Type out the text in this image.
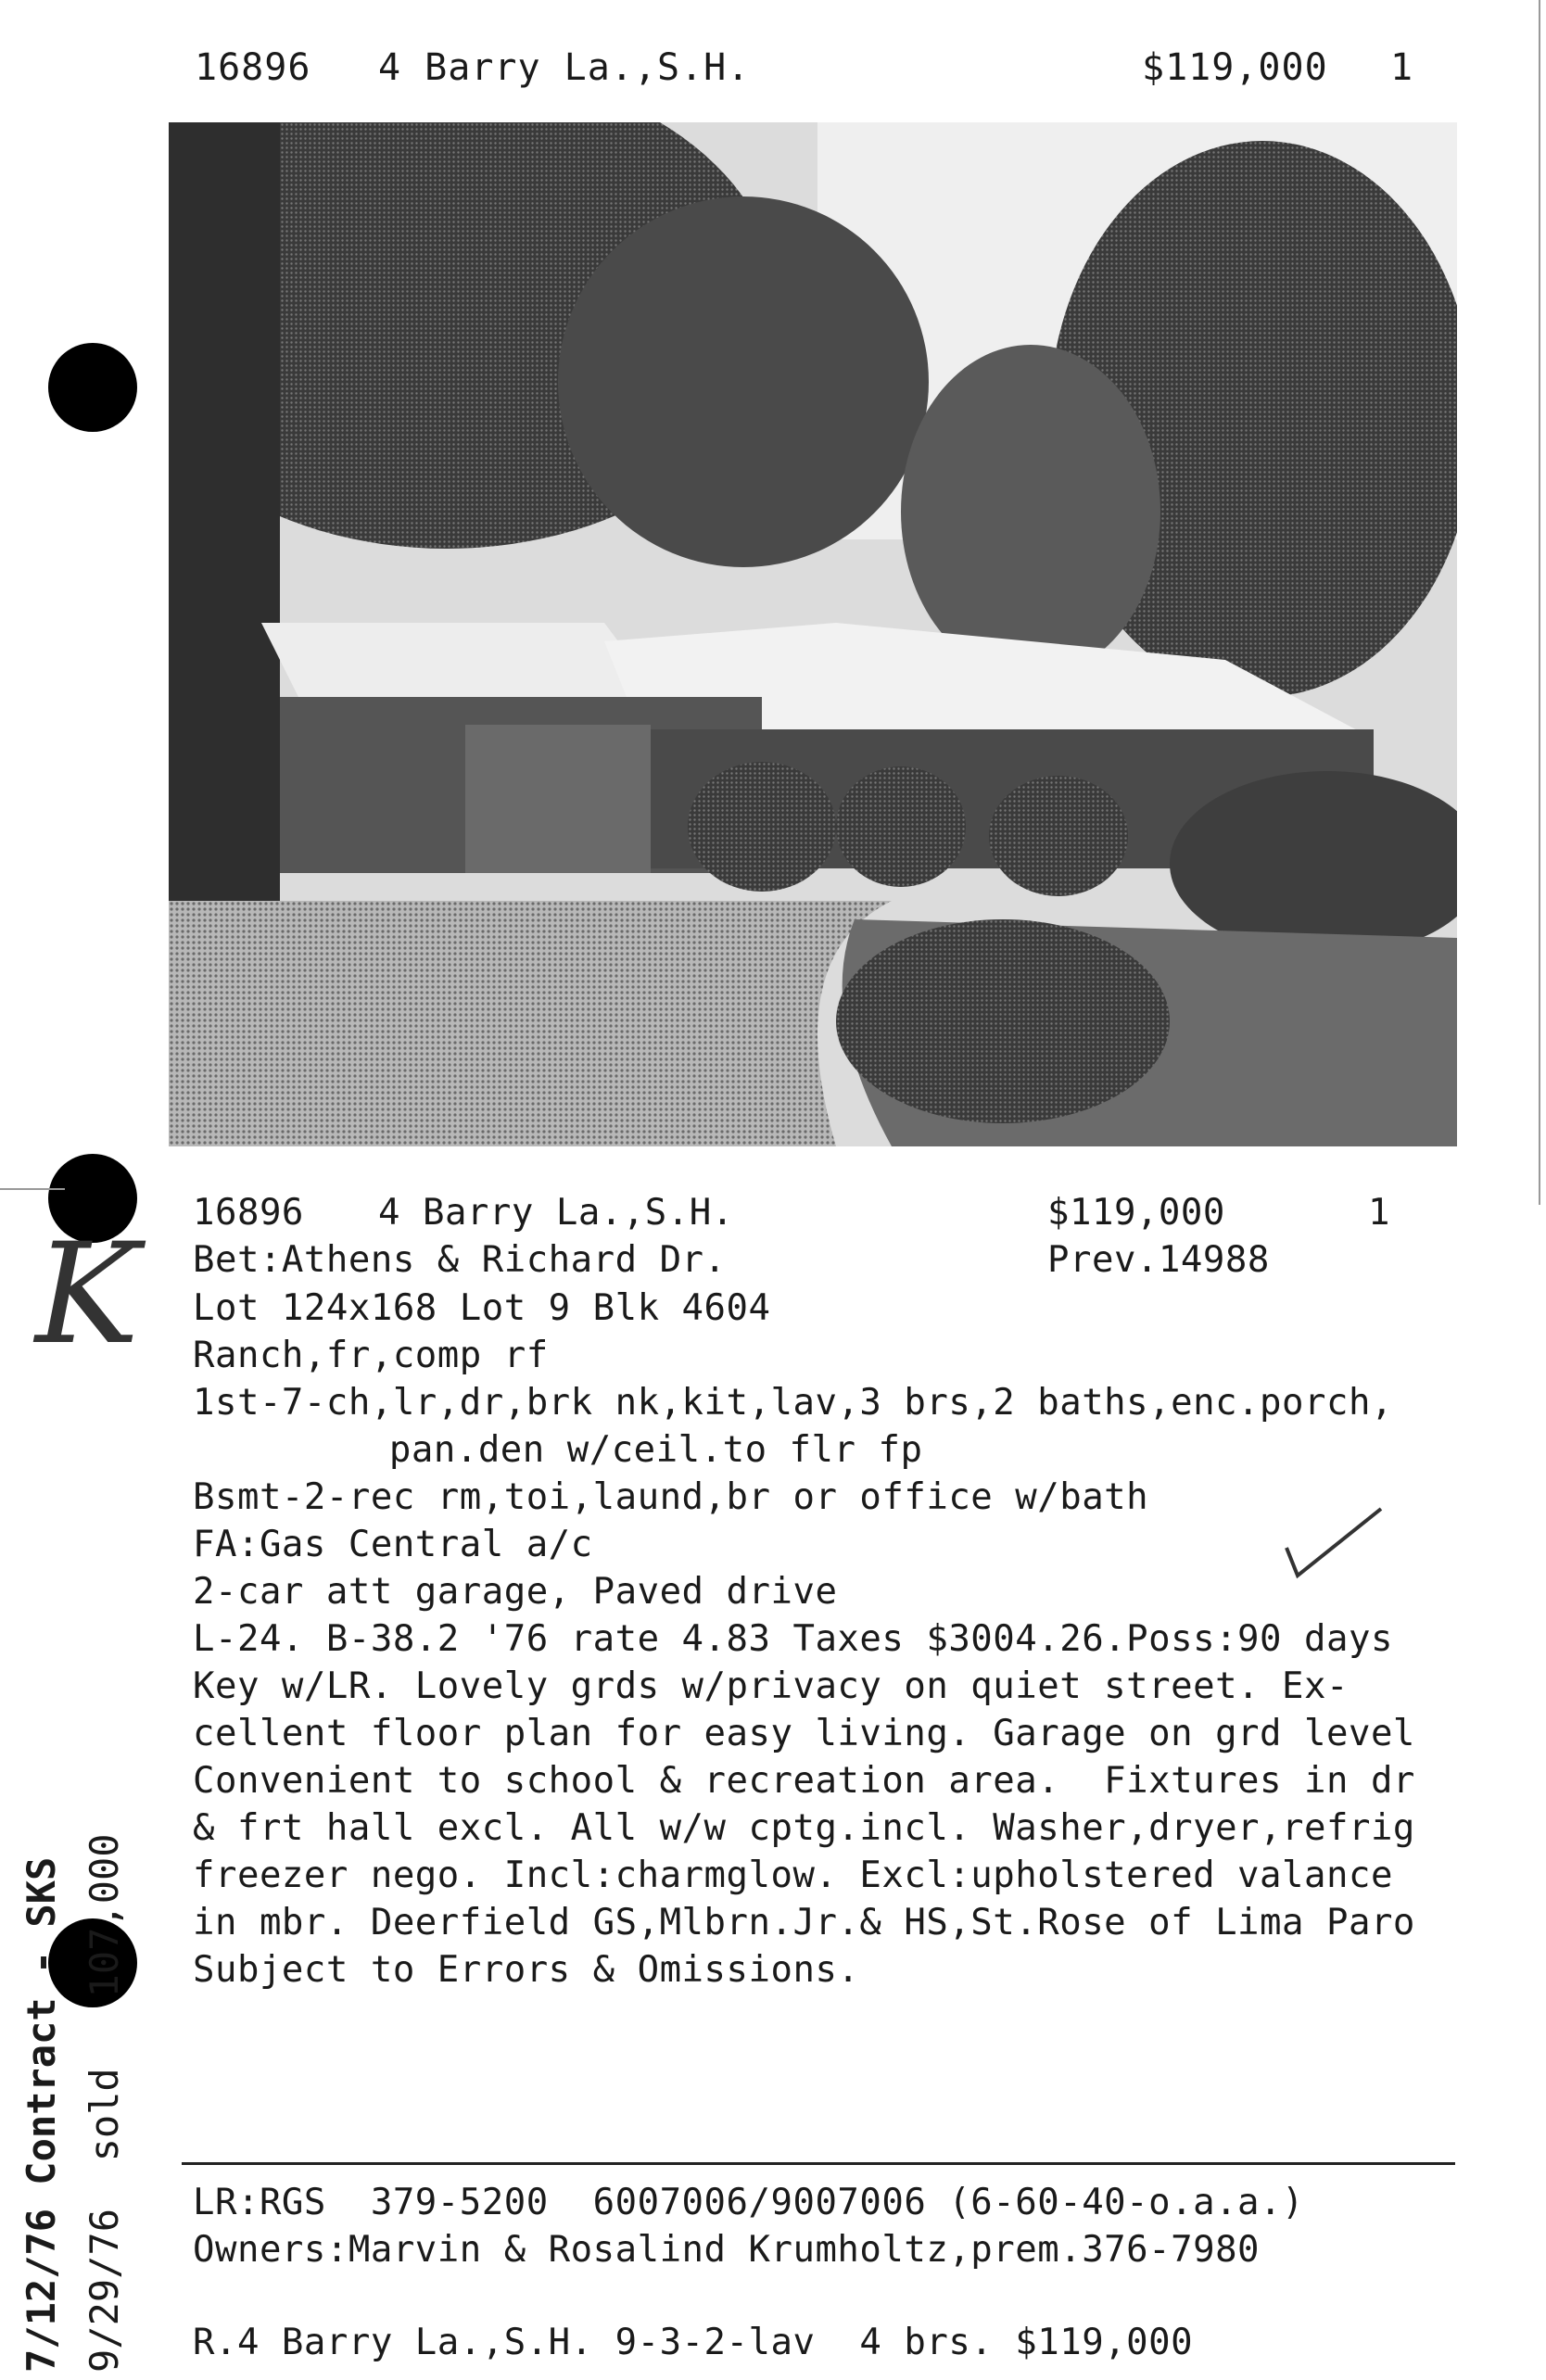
16896 4 Barry La.,S.H.	$119,000 1
16896 4 Barry La.,S.H.	$119,000	1
Bet:Athens & Richard Dr.	Prev.14988
Lot 124x168 Lot 9 Blk 4604
Ranch,fr,comp rf
1st-7-ch,lr,dr,brk nk,kit,lav,3 brs,2 baths,enc.porch,
pan.den w/ceil.to flr fp
Bsmt-2-rec rm,toi,laund,br or office w/bath
FA:Gas Central a/c
2-car att garage, Paved drive
L-24. B-38.2 '76 rate 4.83 Taxes $3004.26.Poss:90 days
Key w/LR. Lovely grds w/privacy on quiet street. Ex-
cellent floor plan for easy living. Garage on grd level
Convenient to school & recreation area.  Fixtures in dr
& frt hall excl. All w/w cptg.incl. Washer,dryer,refrig
freezer nego. Incl:charmglow. Excl:upholstered valance
in mbr. Deerfield GS,Mlbrn.Jr.& HS,St.Rose of Lima Paro
Subject to Errors & Omissions.
LR:RGS  379-5200  6007006/9007006 (6-60-40-o.a.a.)
Owners:Marvin & Rosalind Krumholtz,prem.376-7980
R.4 Barry La.,S.H. 9-3-2-lav  4 brs. $119,000
K
7/12/76 Contract - SKS 9/29/76  sold   107,000
